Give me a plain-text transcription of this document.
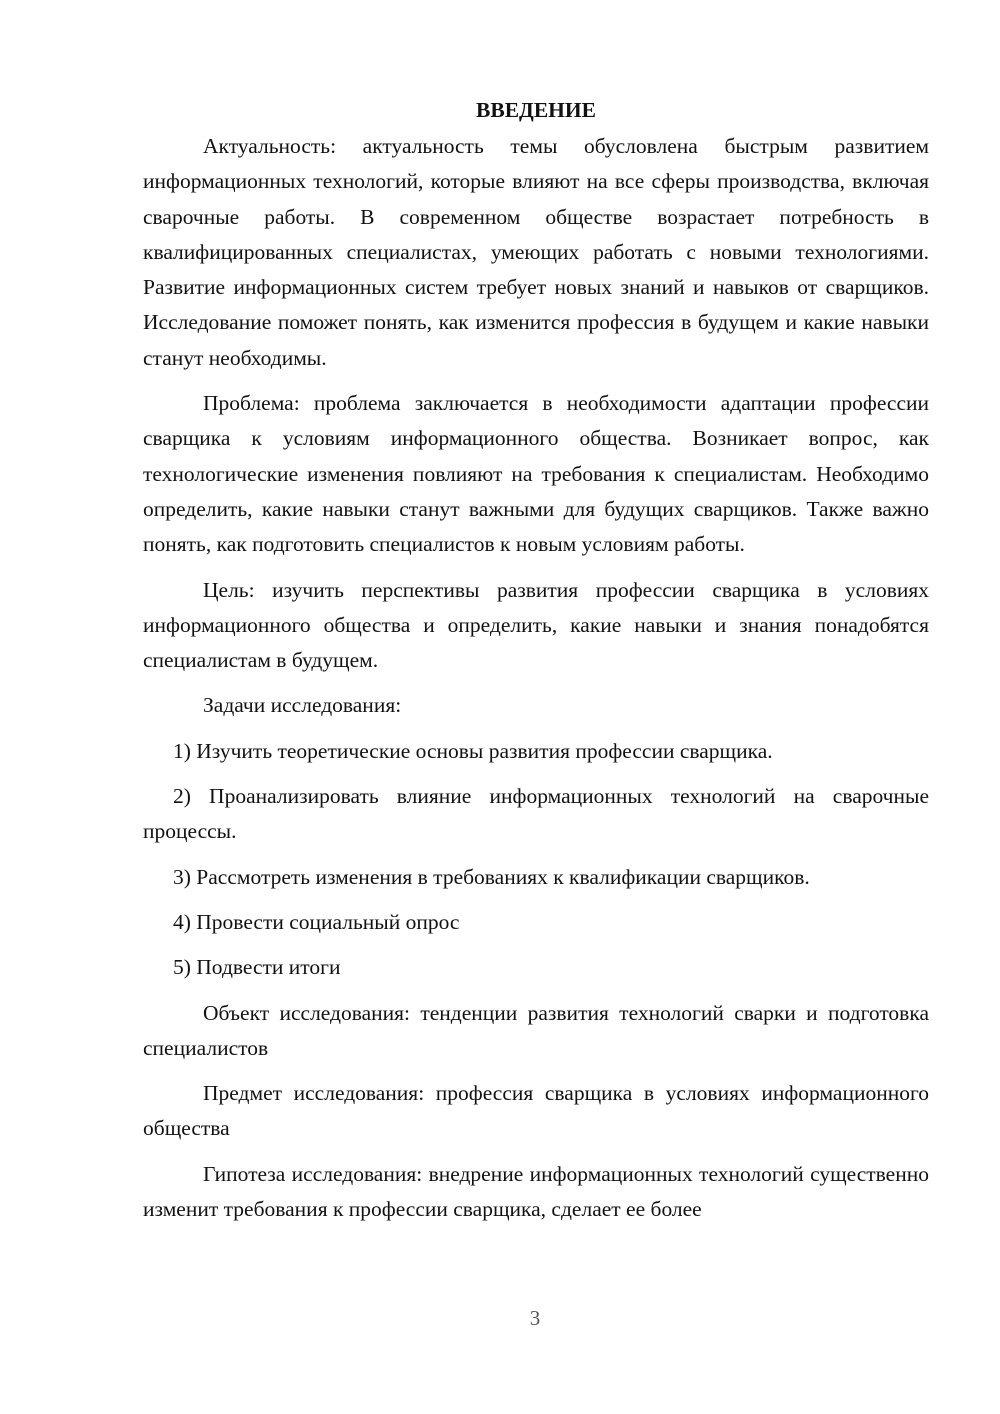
ВВЕДЕНИЕ

Актуальность: актуальность темы обусловлена быстрым развитием информационных технологий, которые влияют на все сферы производства, включая сварочные работы. В современном обществе возрастает потребность в квалифицированных специалистах, умеющих работать с новыми технологиями. Развитие информационных систем требует новых знаний и навыков от сварщиков. Исследование поможет понять, как изменится профессия в будущем и какие навыки станут необходимы.

Проблема: проблема заключается в необходимости адаптации профессии сварщика к условиям информационного общества. Возникает вопрос, как технологические изменения повлияют на требования к специалистам. Необходимо определить, какие навыки станут важными для будущих сварщиков. Также важно понять, как подготовить специалистов к новым условиям работы.

Цель: изучить перспективы развития профессии сварщика в условиях информационного общества и определить, какие навыки и знания понадобятся специалистам в будущем.

Задачи исследования:

1) Изучить теоретические основы развития профессии сварщика.

2) Проанализировать влияние информационных технологий на сварочные процессы.

3) Рассмотреть изменения в требованиях к квалификации сварщиков.

4) Провести социальный опрос

5) Подвести итоги

Объект исследования: тенденции развития технологий сварки и подготовка специалистов

Предмет исследования: профессия сварщика в условиях информационного общества

Гипотеза исследования: внедрение информационных технологий существенно изменит требования к профессии сварщика, сделает ее более

3
